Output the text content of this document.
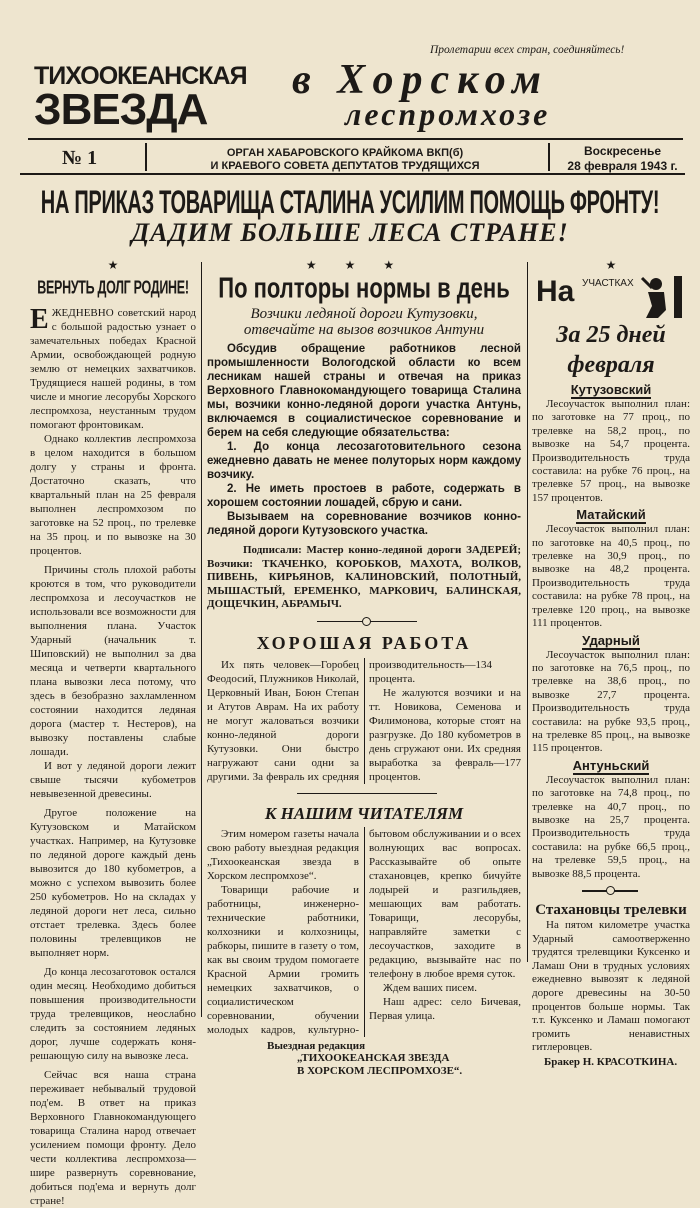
Пролетарии всех стран, соединяйтесь!
ТИХООКЕАНСКАЯ
ЗВЕЗДА
в Хорском
леспромхозе
№ 1	ОРГАН ХАБАРОВСКОГО КРАЙКОМА ВКП(б)
И КРАЕВОГО СОВЕТА ДЕПУТАТОВ ТРУДЯЩИХСЯ
Воскресенье
28 февраля 1943 г.
НА ПРИКАЗ ТОВАРИЩА СТАЛИНА УСИЛИМ ПОМОЩЬ ФРОНТУ!
ДАДИМ БОЛЬШЕ ЛЕСА СТРАНЕ!
★
ВЕРНУТЬ ДОЛГ РОДИНЕ!

ЕЖЕДНЕВНО советский народ с большой радостью узнает о замечательных победах Красной Армии, освобождающей родную землю от немецких захватчиков. Трудящиеся нашей родины, в том числе и многие лесорубы Хорского леспромхоза, неустанным трудом помогают фронтовикам.

Однако коллектив леспромхоза в целом находится в большом долгу у страны и фронта. Достаточно сказать, что квартальный план на 25 февраля выполнен леспромхозом по заготовке на 52 проц., по трелевке на 35 проц. и по вывозке на 30 процентов.

Причины столь плохой работы кроются в том, что руководители леспромхоза и лесоучастков не использовали все возможности для выполнения плана. Участок Ударный (начальник т. Шиповский) не выполнил за два месяца и четверти квартального плана вывозки леса потому, что здесь в безобразно захламленном состоянии находится ледяная дорога (мастер т. Нестеров), на вывозку поставлены слабые лошади.

И вот у ледяной дороги лежит свыше тысячи кубометров невывезенной древесины.

Другое положение на Кутузовском и Матайском участках. Например, на Кутузовке по ледяной дороге каждый день вывозится до 180 кубометров, а можно с успехом вывозить более 250 кубометров. Но на складах у ледяной дороги нет леса, сильно отстает трелевка. Здесь более половины трелевщиков не выполняет норм.

До конца лесозаготовок остался один месяц. Необходимо добиться повышения производительности труда трелевщиков, неослабно следить за состоянием ледяных дорог, лучше содержать коня-решающую силу на вывозке леса.

Сейчас вся наша страна переживает небывалый трудовой под'ем. В ответ на приказ Верховного Главнокомандующего товарища Сталина народ отвечает усилением помощи фронту. Дело чести коллектива леспромхоза—шире развернуть соревнование, добиться под'ема и вернуть долг стране!

★★★
По полторы нормы в день
Возчики ледяной дороги Кутузовки,
отвечайте на вызов возчиков Антуни

Обсудив обращение работников лесной промышленности Вологодской области ко всем лесникам нашей страны и отвечая на приказ Верховного Главнокомандующего товарища Сталина мы, возчики конно-ледяной дороги участка Антунь, включаемся в социалистическое соревнование и берем на себя следующие обязательства:

1. До конца лесозаготовительного сезона ежедневно давать не менее полуторых норм каждому возчику.

2. Не иметь простоев в работе, содержать в хорошем состоянии лошадей, сбрую и сани.

Вызываем на соревнование возчиков конно-ледяной дороги Кутузовского участка.

Подписали: Мастер конно-ледяной дороги ЗАДЕРЕЙ; Возчики: ТКАЧЕНКО, КОРОБКОВ, МАХОТА, ВОЛКОВ, ПИВЕНЬ, КИРЬЯНОВ, КАЛИНОВСКИЙ, ПОЛОТНЫЙ, МЫШАСТЫЙ, ЕРЕМЕНКО, МАРКОВИЧ, БАЛИНСКАЯ, ДОЩЕЧКИН, АБРАМЫЧ.
ХОРОШАЯ РАБОТА

Их пять человек—Горобец Феодосий, Плужников Николай, Церковный Иван, Боюн Степан и Атутов Аврам. На их работу не могут жаловаться возчики конно-ледяной дороги Кутузовки. Они быстро нагружают сани одни за другими. За февраль их средняя производительность—134 процента.

Не жалуются возчики и на тт. Новикова, Семенова и Филимонова, которые стоят на разгрузке. До 180 кубометров в день сгружают они. Их средняя выработка за февраль—177 процентов.

К НАШИМ ЧИТАТЕЛЯМ

Этим номером газеты начала свою работу выездная редакция „Тихоокеанская звезда в Хорском леспромхозе“.

Товарищи рабочие и работницы, инженерно-технические работники, колхозники и колхозницы, рабкоры, пишите в газету о том, как вы своим трудом помогаете Красной Армии громить немецких захватчиков, о социалистическом соревновании, обучении молодых кадров, культурно-бытовом обслуживании и о всех волнующих вас вопросах. Рассказывайте об опыте стахановцев, крепко бичуйте лодырей и разгильдяев, мешающих вам работать. Товарищи, лесорубы, направляйте заметки с лесоучастков, заходите в редакцию, вызывайте нас по телефону в любое время суток.

Ждем ваших писем.

Наш адрес: село Бичевая, Первая улица.

Выездная редакция
„ТИХООКЕАНСКАЯ ЗВЕЗДА
В ХОРСКОМ ЛЕСПРОМХОЗЕ“.
★
На УЧАСТКАХ
За 25 дней
февраля
Кутузовский

Лесоучасток выполнил план: по заготовке на 77 проц., по трелевке на 58,2 проц., по вывозке на 54,7 процента. Производительность труда составила: на рубке 76 проц., на трелевке 57 проц., на вывозке 157 процентов.

Матайский

Лесоучасток выполнил план: по заготовке на 40,5 проц., по трелевке на 30,9 проц., по вывозке на 48,2 процента. Производительность труда составила: на рубке 78 проц., на трелевке 120 проц., на вывозке 111 процентов.

Ударный

Лесоучасток выполнил план: по заготовке на 76,5 проц., по трелевке на 38,6 проц., по вывозке 27,7 процента. Производительность труда составила: на рубке 93,5 проц., на трелевке 85 проц., на вывозке 115 процентов.

Антуньский

Лесоучасток выполнил план: по заготовке на 74,8 проц., по трелевке на 40,7 проц., по вывозке на 25,7 процента. Производительность труда составила: на рубке 66,5 проц., на трелевке 59,5 проц., на вывозке 88,5 процента.

Стахановцы трелевки

На пятом километре участка Ударный самоотверженно трудятся трелевщики Куксенко и Ламаш Они в трудных условиях ежедневно вывозят к ледяной дороге древесины на 30-50 процентов больше нормы. Так т.т. Куксенко и Ламаш помогают громить ненавистных гитлеровцев.

Бракер Н. КРАСОТКИНА.
